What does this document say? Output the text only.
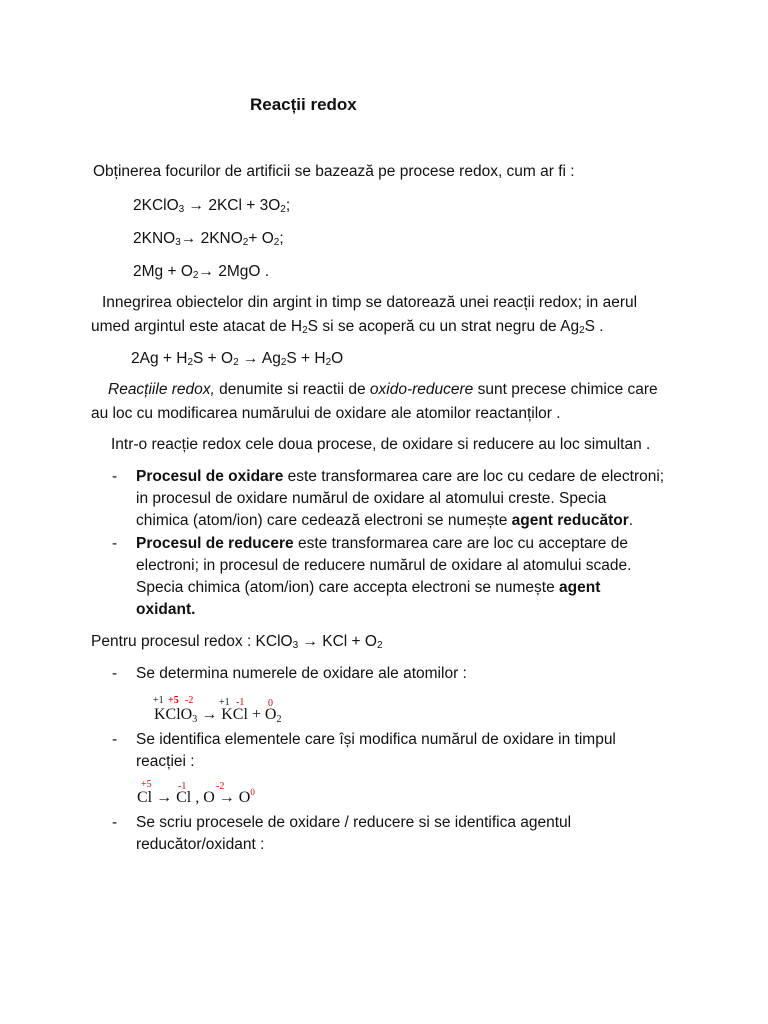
Reacții redox
Obținerea focurilor de artificii se bazează pe procese redox, cum ar fi :
2KClO$_3$ → $2KCl + 3O_2$;
$2KNO_3\to 2KNO_2+ O_2$;
$2Mg + O_2\to 2MgO$ .
Innegrirea obiectelor din argint in timp se datorează unei reacții redox; in aerul
umed argintul este atacat de $H_2S$ si se acoperă cu un strat negru de $Ag_2S$ .
$2Ag + H_2S + O_2 \to Ag_2S + H_2O$
Reacțiile redox, denumite si reactii de oxido-reducere sunt precese chimice care
au loc cu modificarea numărului de oxidare ale atomilor reactanților .
Intr-o reacție redox cele doua procese, de oxidare si reducere au loc simultan .
- Procesul de oxidare este transformarea care are loc cu cedare de electroni;
in procesul de oxidare numărul de oxidare al atomului creste. Specia
chimica (atom/ion) care cedează electroni se numește agent reducător.
- Procesul de reducere este transformarea care are loc cu acceptare de
electroni; in procesul de reducere numărul de oxidare al atomului scade.
Specia chimica (atom/ion) care accepta electroni se numește agent
oxidant.
Pentru procesul redox : KClO$_3$ → KCl + $O_2$
- Se determina numerele de oxidare ale atomilor :
+1 +5 -2	+1 -1 0
KClO$_3$ → KCl + $O_2$
- Se identifica elementele care își modifica numărul de oxidare in timpul
reacției :
+5	-1	-2
Cl → Cl , $O \to O^0$
- Se scriu procesele de oxidare / reducere si se identifica agentul
reducător/oxidant :
